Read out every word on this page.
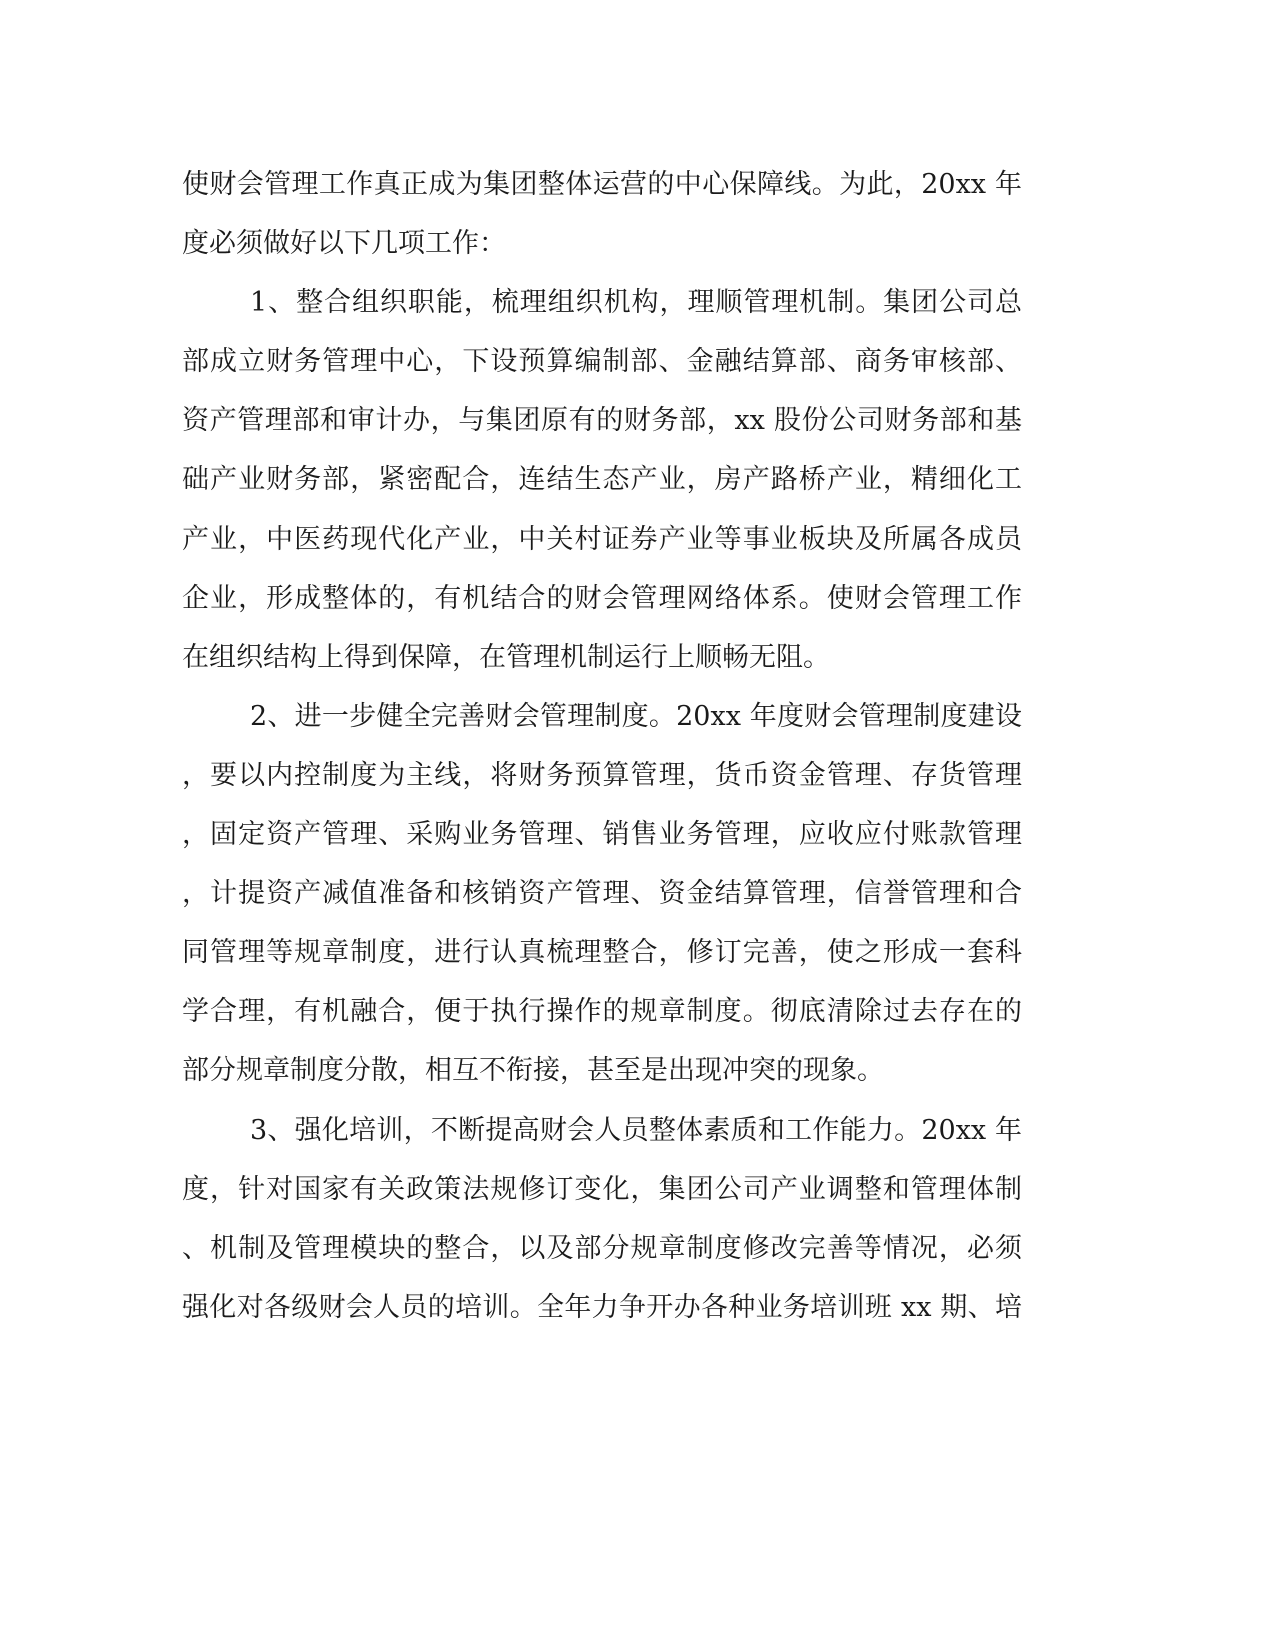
使财会管理工作真正成为集团整体运营的中心保障线。为此，20xx 年
度必须做好以下几项工作：
1、整合组织职能，梳理组织机构，理顺管理机制。集团公司总
部成立财务管理中心，下设预算编制部、金融结算部、商务审核部、
资产管理部和审计办，与集团原有的财务部，xx 股份公司财务部和基
础产业财务部，紧密配合，连结生态产业，房产路桥产业，精细化工
产业，中医药现代化产业，中关村证券产业等事业板块及所属各成员
企业，形成整体的，有机结合的财会管理网络体系。使财会管理工作
在组织结构上得到保障，在管理机制运行上顺畅无阻。
2、进一步健全完善财会管理制度。20xx 年度财会管理制度建设
，要以内控制度为主线，将财务预算管理，货币资金管理、存货管理
，固定资产管理、采购业务管理、销售业务管理，应收应付账款管理
，计提资产减值准备和核销资产管理、资金结算管理，信誉管理和合
同管理等规章制度，进行认真梳理整合，修订完善，使之形成一套科
学合理，有机融合，便于执行操作的规章制度。彻底清除过去存在的
部分规章制度分散，相互不衔接，甚至是出现冲突的现象。
3、强化培训，不断提高财会人员整体素质和工作能力。20xx 年
度，针对国家有关政策法规修订变化，集团公司产业调整和管理体制
、机制及管理模块的整合，以及部分规章制度修改完善等情况，必须
强化对各级财会人员的培训。全年力争开办各种业务培训班 xx 期、培
